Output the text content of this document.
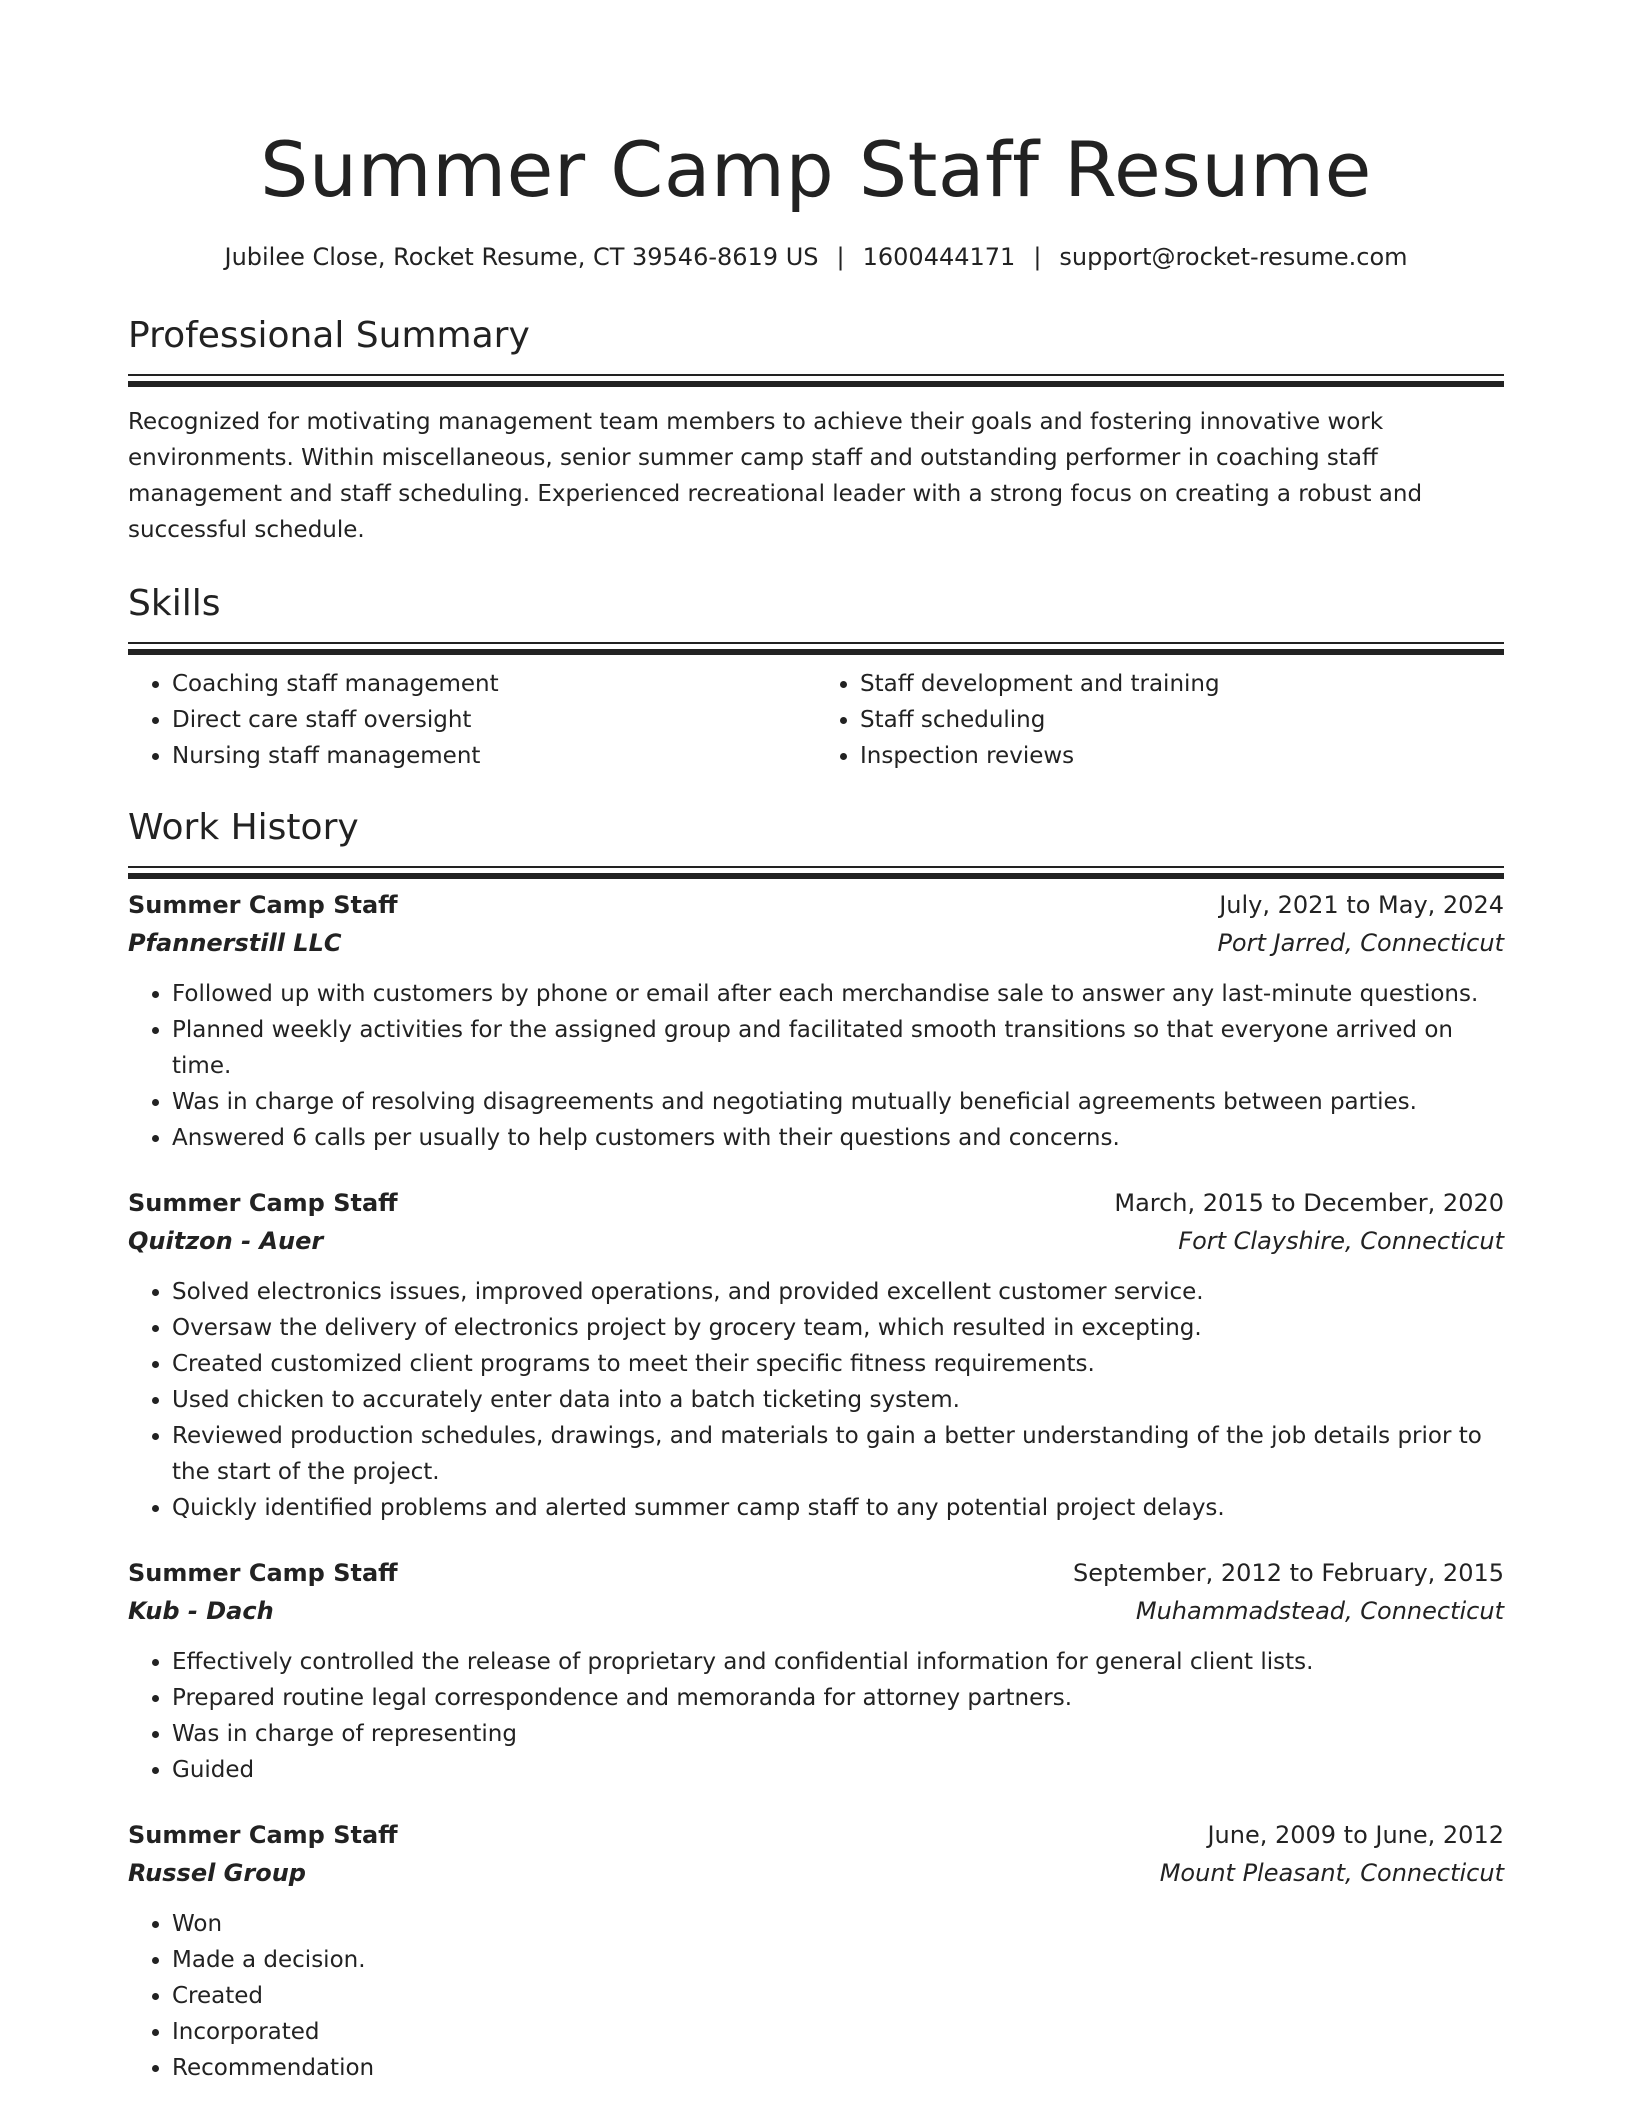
Summer Camp Staff Resume
Jubilee Close, Rocket Resume, CT 39546-8619 US | 1600444171 | support@rocket-resume.com
Professional Summary

Recognized for motivating management team members to achieve their goals and fostering innovative work environments. Within miscellaneous, senior summer camp staff and outstanding performer in coaching staff management and staff scheduling. Experienced recreational leader with a strong focus on creating a robust and successful schedule.

Skills
• Coaching staff management
• Direct care staff oversight
• Nursing staff management
• Staff development and training
• Staff scheduling
• Inspection reviews
Work History
Summer Camp Staff	July, 2021 to May, 2024
Pfannerstill LLC	Port Jarred, Connecticut
• Followed up with customers by phone or email after each merchandise sale to answer any last-minute questions.
• Planned weekly activities for the assigned group and facilitated smooth transitions so that everyone arrived on time.
• Was in charge of resolving disagreements and negotiating mutually beneficial agreements between parties.
• Answered 6 calls per usually to help customers with their questions and concerns.
Summer Camp Staff	March, 2015 to December, 2020
Quitzon - Auer	Fort Clayshire, Connecticut
• Solved electronics issues, improved operations, and provided excellent customer service.
• Oversaw the delivery of electronics project by grocery team, which resulted in excepting.
• Created customized client programs to meet their specific fitness requirements.
• Used chicken to accurately enter data into a batch ticketing system.
• Reviewed production schedules, drawings, and materials to gain a better understanding of the job details prior to the start of the project.
• Quickly identified problems and alerted summer camp staff to any potential project delays.
Summer Camp Staff	September, 2012 to February, 2015
Kub - Dach	Muhammadstead, Connecticut
• Effectively controlled the release of proprietary and confidential information for general client lists.
• Prepared routine legal correspondence and memoranda for attorney partners.
• Was in charge of representing
• Guided
Summer Camp Staff	June, 2009 to June, 2012
Russel Group	Mount Pleasant, Connecticut
• Won
• Made a decision.
• Created
• Incorporated
• Recommendation
